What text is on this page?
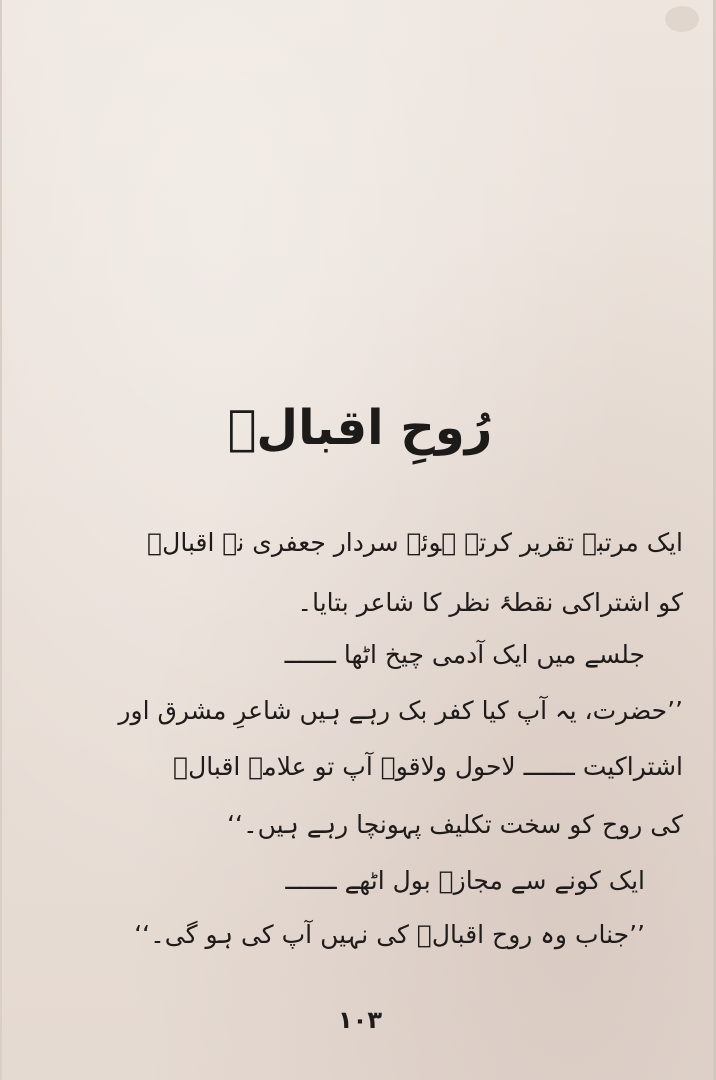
رُوحِ اقبالؔ
ایک مرتبہ تقریر کرتے ہوئے سردار جعفری نے اقبالؔ
کو اشتراکی نقطۂ نظر کا شاعر بتایا۔
جلسے میں ایک آدمی چیخ اٹھا ـــــــ
’’حضرت، یہ آپ کیا کفر بک رہے ہیں شاعرِ مشرق اور
اشتراکیت ـــــــ لاحول ولاقوۃ آپ تو علامہ اقبالؔ
کی روح کو سخت تکلیف پہونچا رہے ہیں۔‘‘
ایک کونے سے مجازؔ بول اٹھے ـــــــ
’’جناب وہ روح اقبالؔ کی نہیں آپ کی ہو گی۔‘‘
۱۰۳
